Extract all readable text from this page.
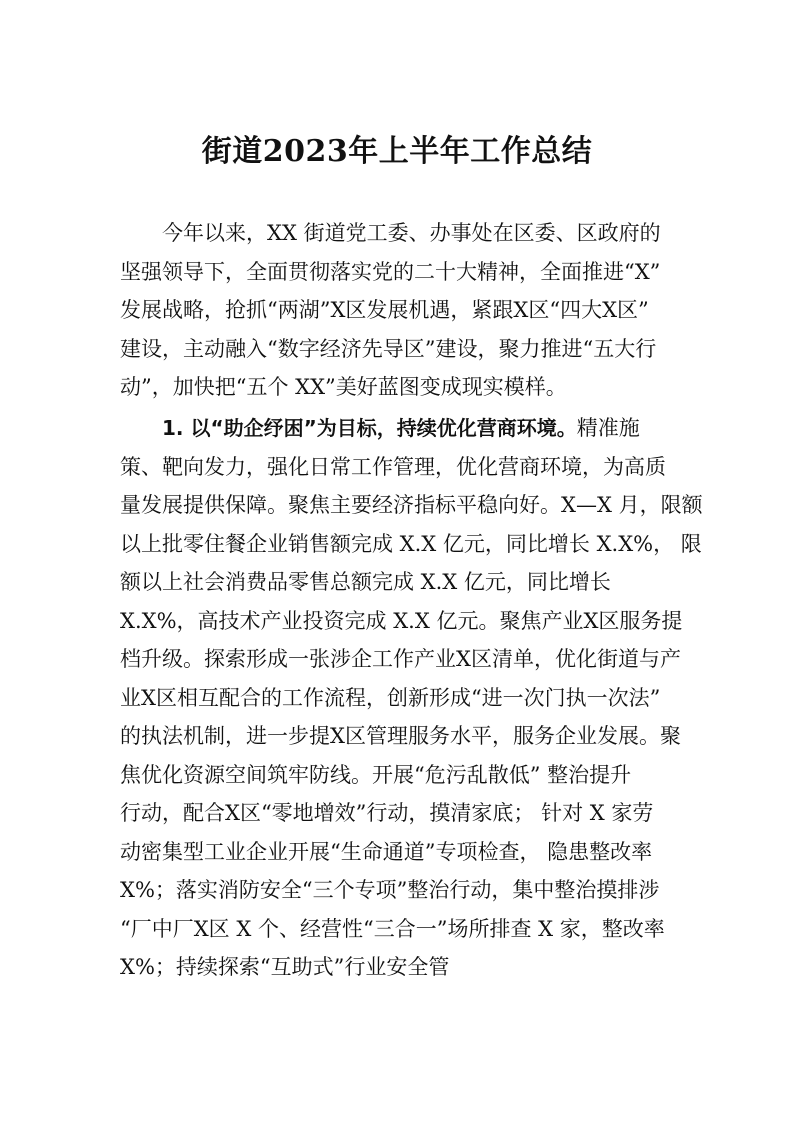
街道2023年上半年工作总结
今年以来，XX 街道党工委、办事处在区委、区政府的
坚强领导下，全面贯彻落实党的二十大精神，全面推进“X”
发展战略，抢抓“两湖”X区发展机遇，紧跟X区“四大X区”
建设，主动融入“数字经济先导区”建设，聚力推进“五大行
动”，加快把“五个 XX”美好蓝图变成现实模样。
1. 以“助企纾困”为目标，持续优化营商环境。精准施
策、靶向发力，强化日常工作管理，优化营商环境，为高质
量发展提供保障。聚焦主要经济指标平稳向好。X—X 月，限额
以上批零住餐企业销售额完成 X.X 亿元，同比增长 X.X%， 限
额以上社会消费品零售总额完成 X.X 亿元，同比增长
X.X%，高技术产业投资完成 X.X 亿元。聚焦产业X区服务提
档升级。探索形成一张涉企工作产业X区清单，优化街道与产
业X区相互配合的工作流程，创新形成“进一次门执一次法”
的执法机制，进一步提X区管理服务水平，服务企业发展。聚
焦优化资源空间筑牢防线。开展“危污乱散低” 整治提升
行动，配合X区“零地增效”行动，摸清家底； 针对 X 家劳
动密集型工业企业开展“生命通道”专项检查， 隐患整改率
X%；落实消防安全“三个专项”整治行动，集中整治摸排涉
“厂中厂X区 X 个、经营性“三合一”场所排查 X 家，整改率
X%；持续探索“互助式”行业安全管
